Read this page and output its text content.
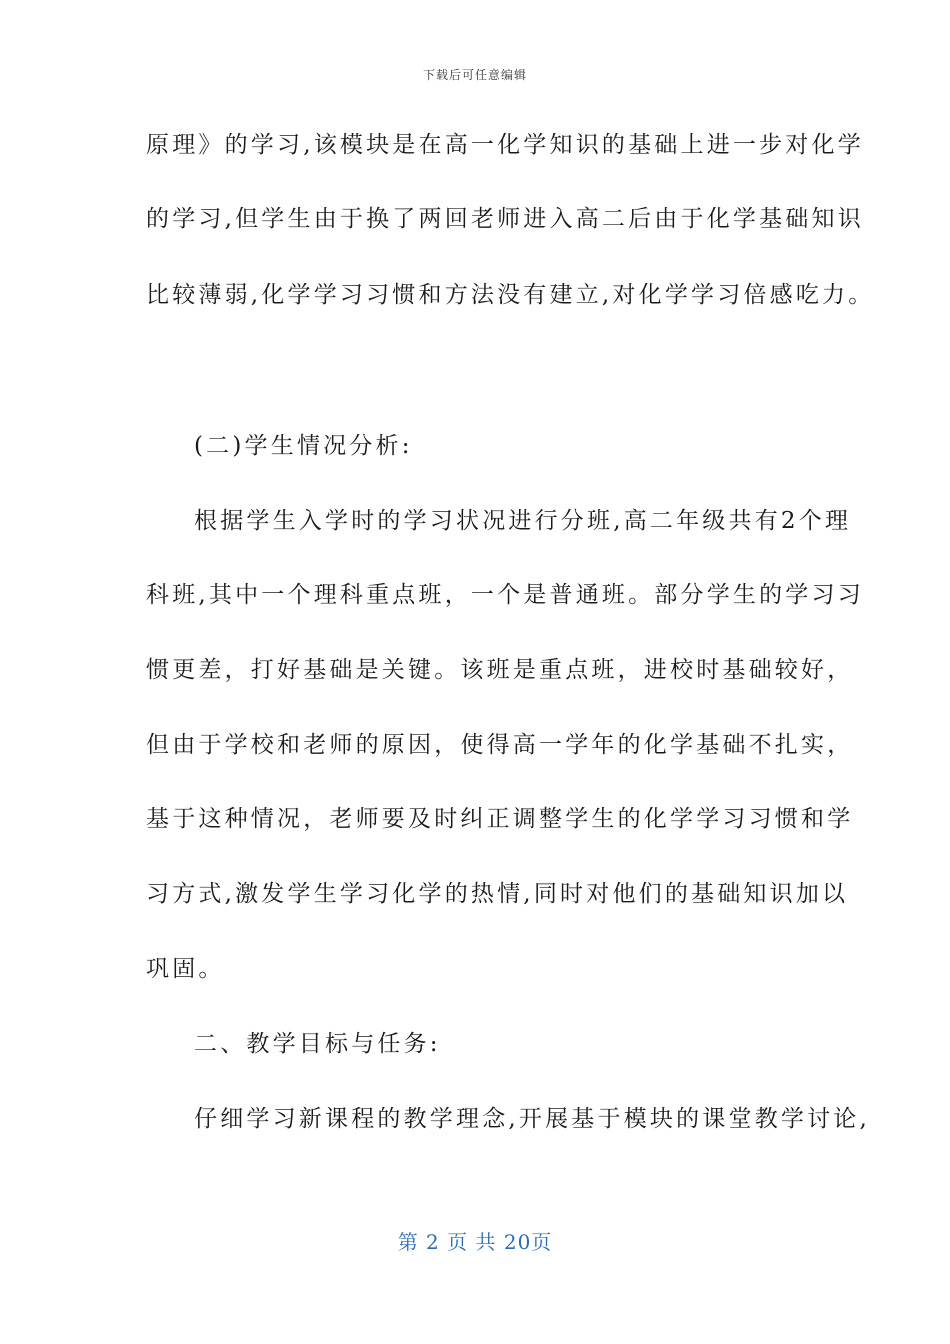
下载后可任意编辑
原理》的学习,该模块是在高一化学知识的基础上进一步对化学
的学习,但学生由于换了两回老师进入高二后由于化学基础知识
比较薄弱,化学学习习惯和方法没有建立,对化学学习倍感吃力。
(二)学生情况分析:
根据学生入学时的学习状况进行分班,高二年级共有2个理
科班,其中一个理科重点班，一个是普通班。部分学生的学习习
惯更差，打好基础是关键。该班是重点班，进校时基础较好，
但由于学校和老师的原因，使得高一学年的化学基础不扎实，
基于这种情况，老师要及时纠正调整学生的化学学习习惯和学
习方式,激发学生学习化学的热情,同时对他们的基础知识加以
巩固。
二、教学目标与任务:
仔细学习新课程的教学理念,开展基于模块的课堂教学讨论,
第 2 页 共 20页
